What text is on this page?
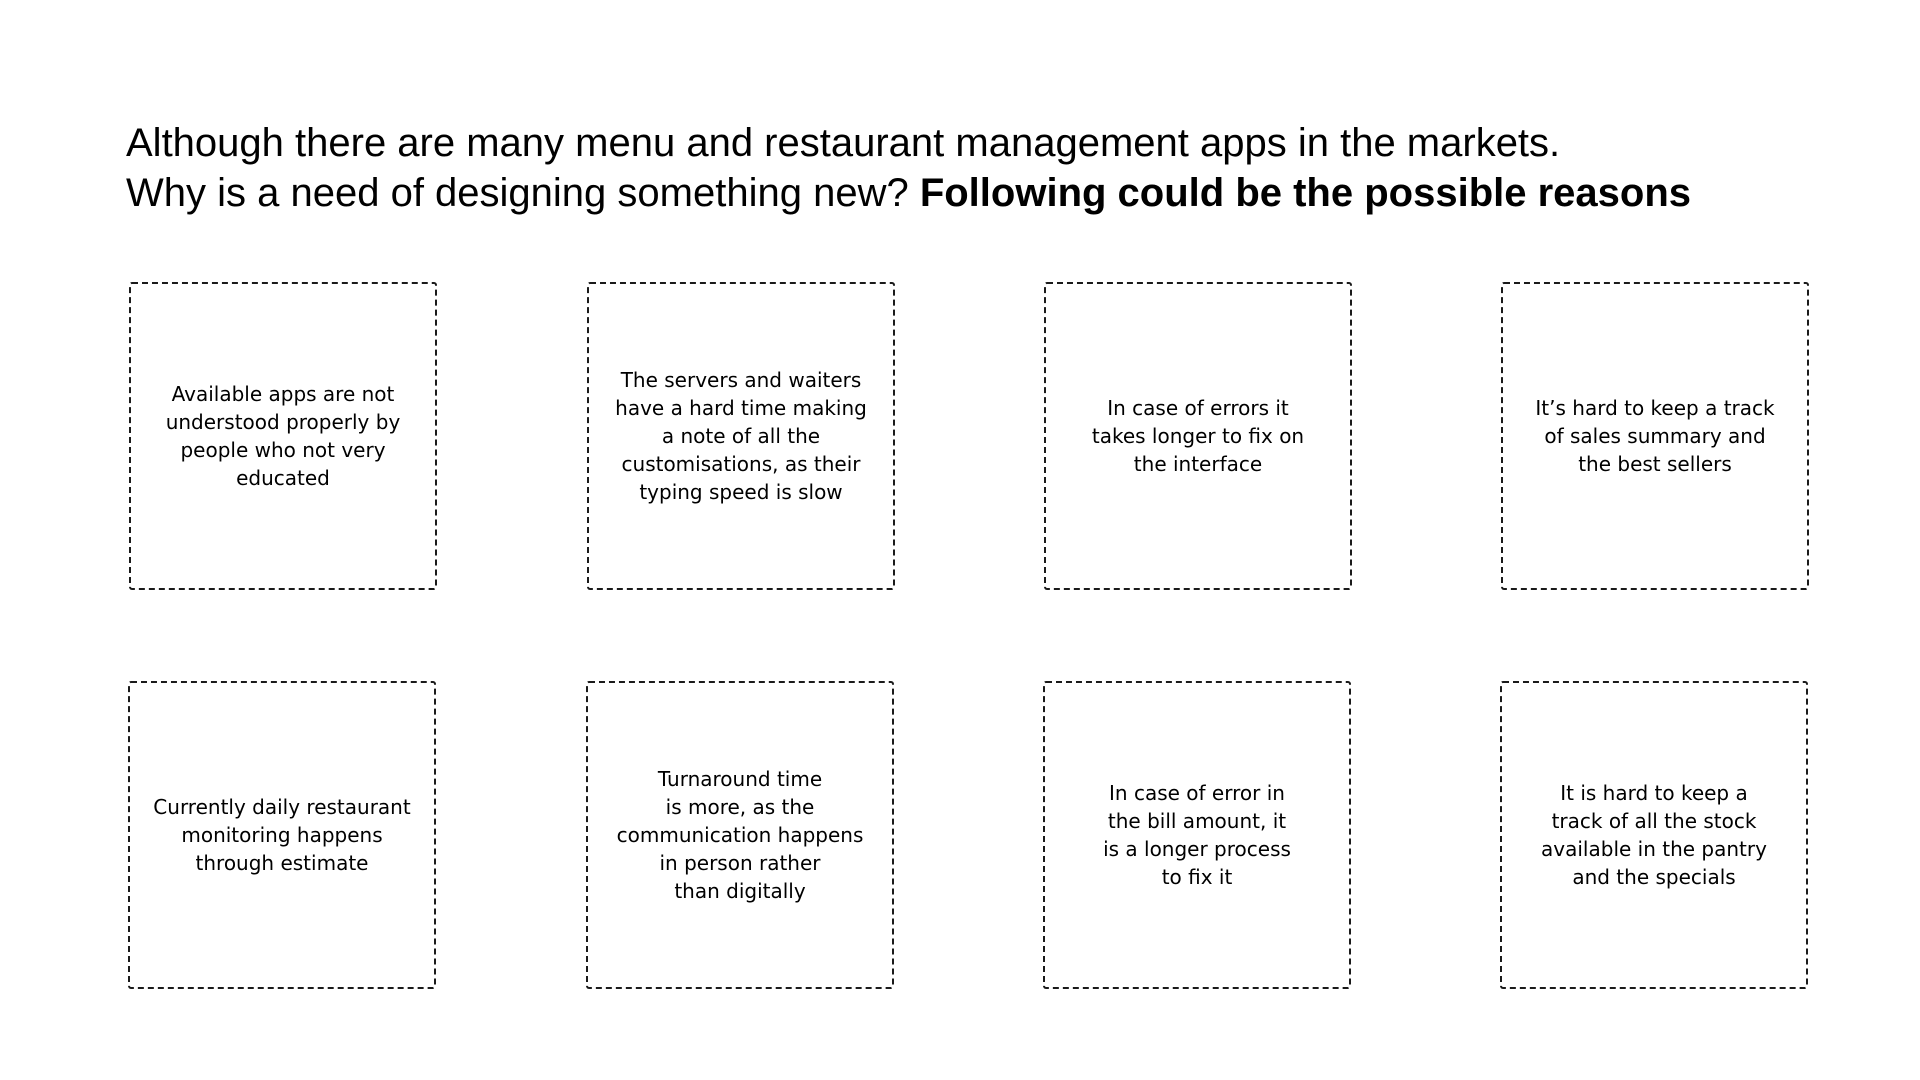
Although there are many menu and restaurant management apps in the markets.
Why is a need of designing something new? Following could be the possible reasons
Available apps are not
understood properly by
people who not very
educated
The servers and waiters
have a hard time making
a note of all the
customisations, as their
typing speed is slow
In case of errors it
takes longer to fix on
the interface
It’s hard to keep a track
of sales summary and
the best sellers
Currently daily restaurant
monitoring happens
through estimate
Turnaround time
is more, as the
communication happens
in person rather
than digitally
In case of error in
the bill amount, it
is a longer process
to fix it
It is hard to keep a
track of all the stock
available in the pantry
and the specials
